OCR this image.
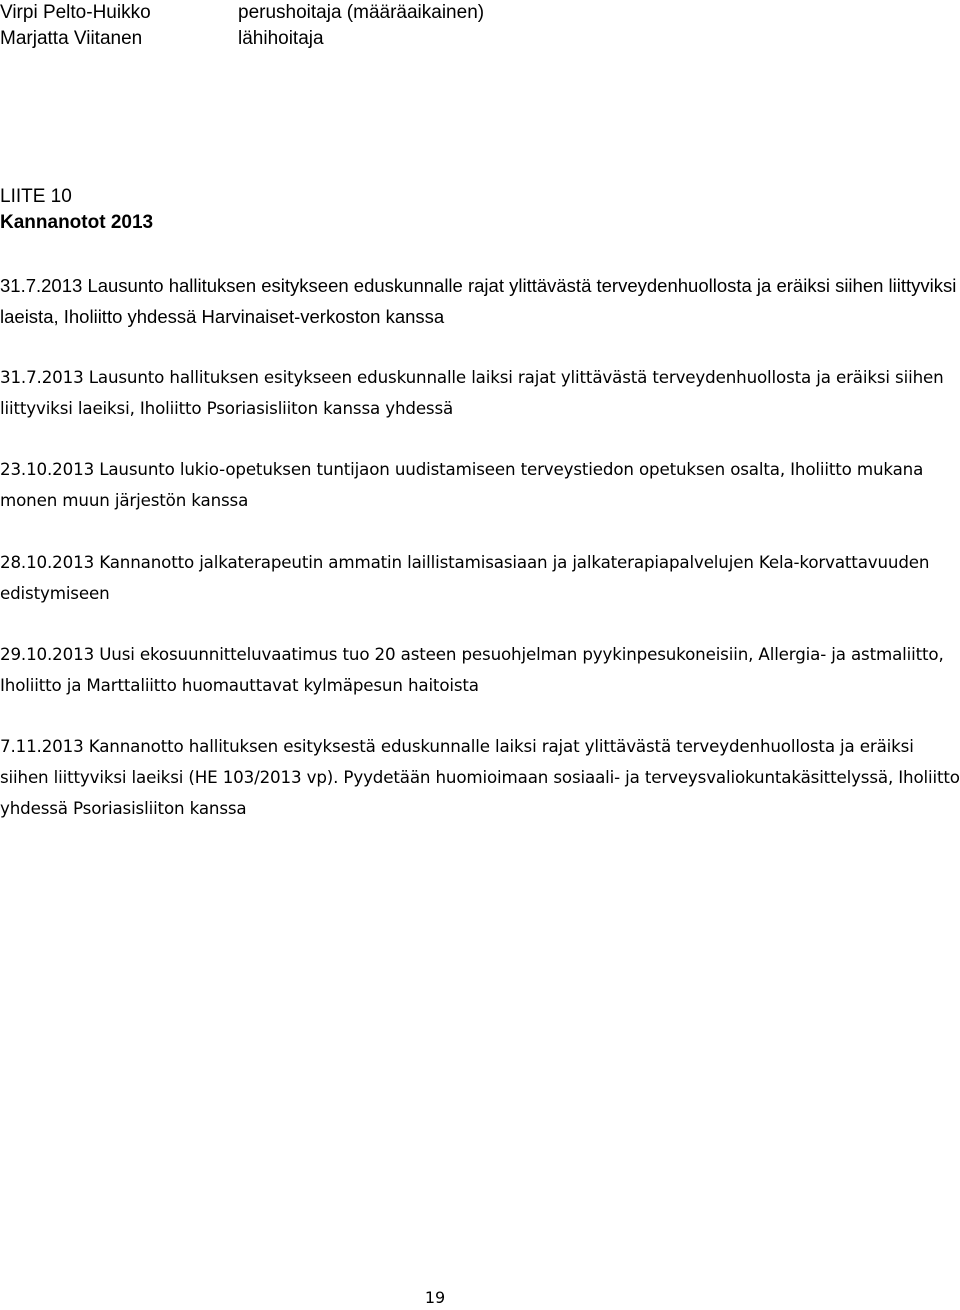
Virpi Pelto-Huikko	perushoitaja (määräaikainen)
Marjatta Viitanen	lähihoitaja
LIITE 10
Kannanotot 2013
31.7.2013 Lausunto hallituksen esitykseen eduskunnalle rajat ylittävästä terveydenhuollosta ja eräiksi siihen liittyviksi laeista, Iholiitto yhdessä Harvinaiset-verkoston kanssa
31.7.2013 Lausunto hallituksen esitykseen eduskunnalle laiksi rajat ylittävästä terveydenhuollosta ja eräiksi siihen liittyviksi laeiksi, Iholiitto Psoriasisliiton kanssa yhdessä
23.10.2013 Lausunto lukio-opetuksen tuntijaon uudistamiseen terveystiedon opetuksen osalta, Iholiitto mukana monen muun järjestön kanssa
28.10.2013 Kannanotto jalkaterapeutin ammatin laillistamisasiaan ja jalkaterapiapalvelujen Kela-korvattavuuden edistymiseen
29.10.2013 Uusi ekosuunnitteluvaatimus tuo 20 asteen pesuohjelman pyykinpesukoneisiin, Allergia- ja astmaliitto, Iholiitto ja Marttaliitto huomauttavat kylmäpesun haitoista
7.11.2013 Kannanotto hallituksen esityksestä eduskunnalle laiksi rajat ylittävästä terveydenhuollosta ja eräiksi siihen liittyviksi laeiksi (HE 103/2013 vp). Pyydetään huomioimaan sosiaali- ja terveysvaliokuntakäsittelyssä, Iholiitto yhdessä Psoriasisliiton kanssa
19
